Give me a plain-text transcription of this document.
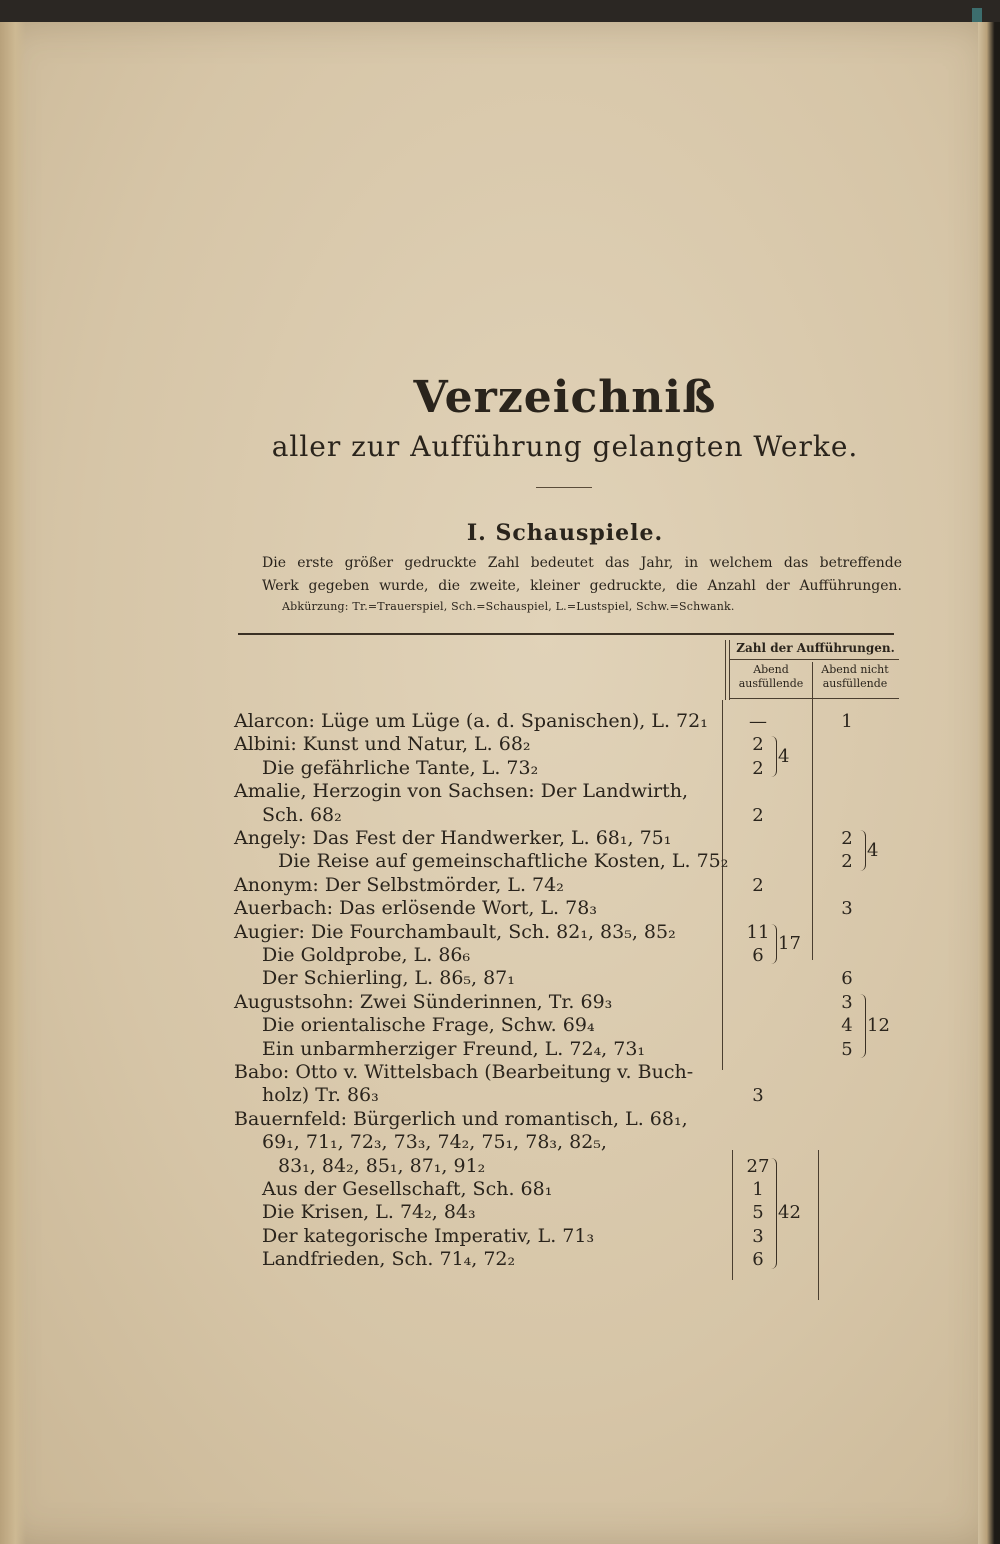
Verzeichniß
aller zur Aufführung gelangten Werke.
I. Schauspiele.
Die erste größer gedruckte Zahl bedeutet das Jahr, in welchem das betreffende
Werk gegeben wurde, die zweite, kleiner gedruckte, die Anzahl der Aufführungen.
Abkürzung: Tr.=Trauerspiel, Sch.=Schauspiel, L.=Lustspiel, Schw.=Schwank.
Zahl der Aufführungen.
Abend
ausfüllende
Abend nicht
ausfüllende
Alarcon: Lüge um Lüge (a. d. Spanischen), L. 72₁
Albini: Kunst und Natur, L. 68₂
Die gefährliche Tante, L. 73₂
Amalie, Herzogin von Sachsen: Der Landwirth,
Sch. 68₂
Angely: Das Fest der Handwerker, L. 68₁, 75₁
Die Reise auf gemeinschaftliche Kosten, L. 75₂
Anonym: Der Selbstmörder, L. 74₂
Auerbach: Das erlösende Wort, L. 78₃
Augier: Die Fourchambault, Sch. 82₁, 83₅, 85₂
Die Goldprobe, L. 86₆
Der Schierling, L. 86₅, 87₁
Augustsohn: Zwei Sünderinnen, Tr. 69₃
Die orientalische Frage, Schw. 69₄
Ein unbarmherziger Freund, L. 72₄, 73₁
Babo: Otto v. Wittelsbach (Bearbeitung v. Buch-
holz) Tr. 86₃
Bauernfeld: Bürgerlich und romantisch, L. 68₁,
69₁, 71₁, 72₃, 73₃, 74₂, 75₁, 78₃, 82₅,
83₁, 84₂, 85₁, 87₁, 91₂
Aus der Gesellschaft, Sch. 68₁
Die Krisen, L. 74₂, 84₃
Der kategorische Imperativ, L. 71₃
Landfrieden, Sch. 71₄, 72₂
—	1
2
2
2
2
2
2
3
11
6
6
3
4
5
3
27
1
5
3
6
4
4
17
12
42
